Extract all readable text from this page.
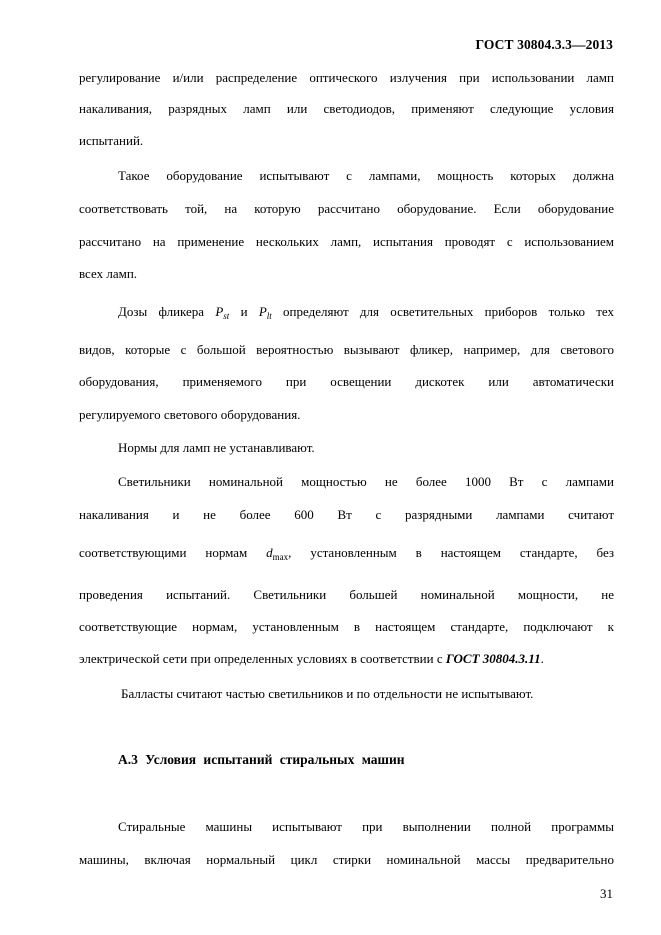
ГОСТ 30804.3.3—2013
регулирование и/или распределение оптического излучения при использовании ламп
накаливания, разрядных ламп или светодиодов, применяют следующие условия
испытаний.
Такое оборудование испытывают с лампами, мощность которых должна
соответствовать той, на которую рассчитано оборудование. Если оборудование
рассчитано на применение нескольких ламп, испытания проводят с использованием
всех ламп.
Дозы фликера $P_{st}$ и $P_{lt}$ определяют для осветительных приборов только тех
видов, которые с большой вероятностью вызывают фликер, например, для светового
оборудования, применяемого при освещении дискотек или автоматически
регулируемого светового оборудования.
Нормы для ламп не устанавливают.
Светильники номинальной мощностью не более 1000 Вт с лампами
накаливания и не более 600 Вт с разрядными лампами считают
соответствующими нормам $d_{max}$, установленным в настоящем стандарте, без
проведения испытаний. Светильники большей номинальной мощности, не
соответствующие нормам, установленным в настоящем стандарте, подключают к
электрической сети при определенных условиях в соответствии с ГОСТ 30804.3.11.
Балласты считают частью светильников и по отдельности не испытывают.
А.3 Условия испытаний стиральных машин
Стиральные машины испытывают при выполнении полной программы
машины, включая нормальный цикл стирки номинальной массы предварительно
31
